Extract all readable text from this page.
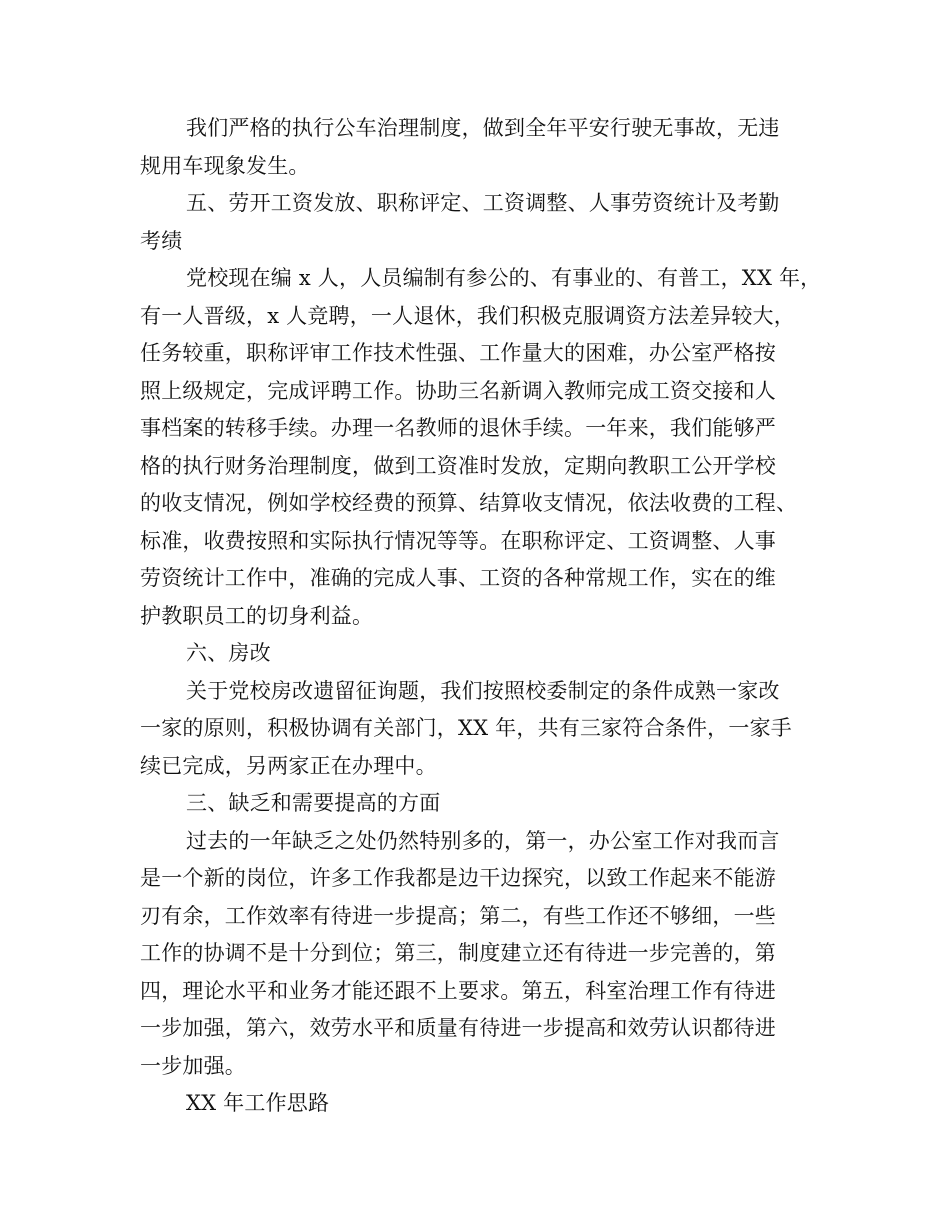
我们严格的执行公车治理制度，做到全年平安行驶无事故，无违
规用车现象发生。
五、劳开工资发放、职称评定、工资调整、人事劳资统计及考勤
考绩
党校现在编 x 人，人员编制有参公的、有事业的、有普工，XX 年，
有一人晋级，x 人竞聘，一人退休，我们积极克服调资方法差异较大，
任务较重，职称评审工作技术性强、工作量大的困难，办公室严格按
照上级规定，完成评聘工作。协助三名新调入教师完成工资交接和人
事档案的转移手续。办理一名教师的退休手续。一年来，我们能够严
格的执行财务治理制度，做到工资准时发放，定期向教职工公开学校
的收支情况，例如学校经费的预算、结算收支情况，依法收费的工程、
标准，收费按照和实际执行情况等等。在职称评定、工资调整、人事
劳资统计工作中，准确的完成人事、工资的各种常规工作，实在的维
护教职员工的切身利益。
六、房改
关于党校房改遗留征询题，我们按照校委制定的条件成熟一家改
一家的原则，积极协调有关部门，XX 年，共有三家符合条件，一家手
续已完成，另两家正在办理中。
三、缺乏和需要提高的方面
过去的一年缺乏之处仍然特别多的，第一，办公室工作对我而言
是一个新的岗位，许多工作我都是边干边探究，以致工作起来不能游
刃有余，工作效率有待进一步提高；第二，有些工作还不够细，一些
工作的协调不是十分到位；第三，制度建立还有待进一步完善的，第
四，理论水平和业务才能还跟不上要求。第五，科室治理工作有待进
一步加强，第六，效劳水平和质量有待进一步提高和效劳认识都待进
一步加强。
XX 年工作思路
